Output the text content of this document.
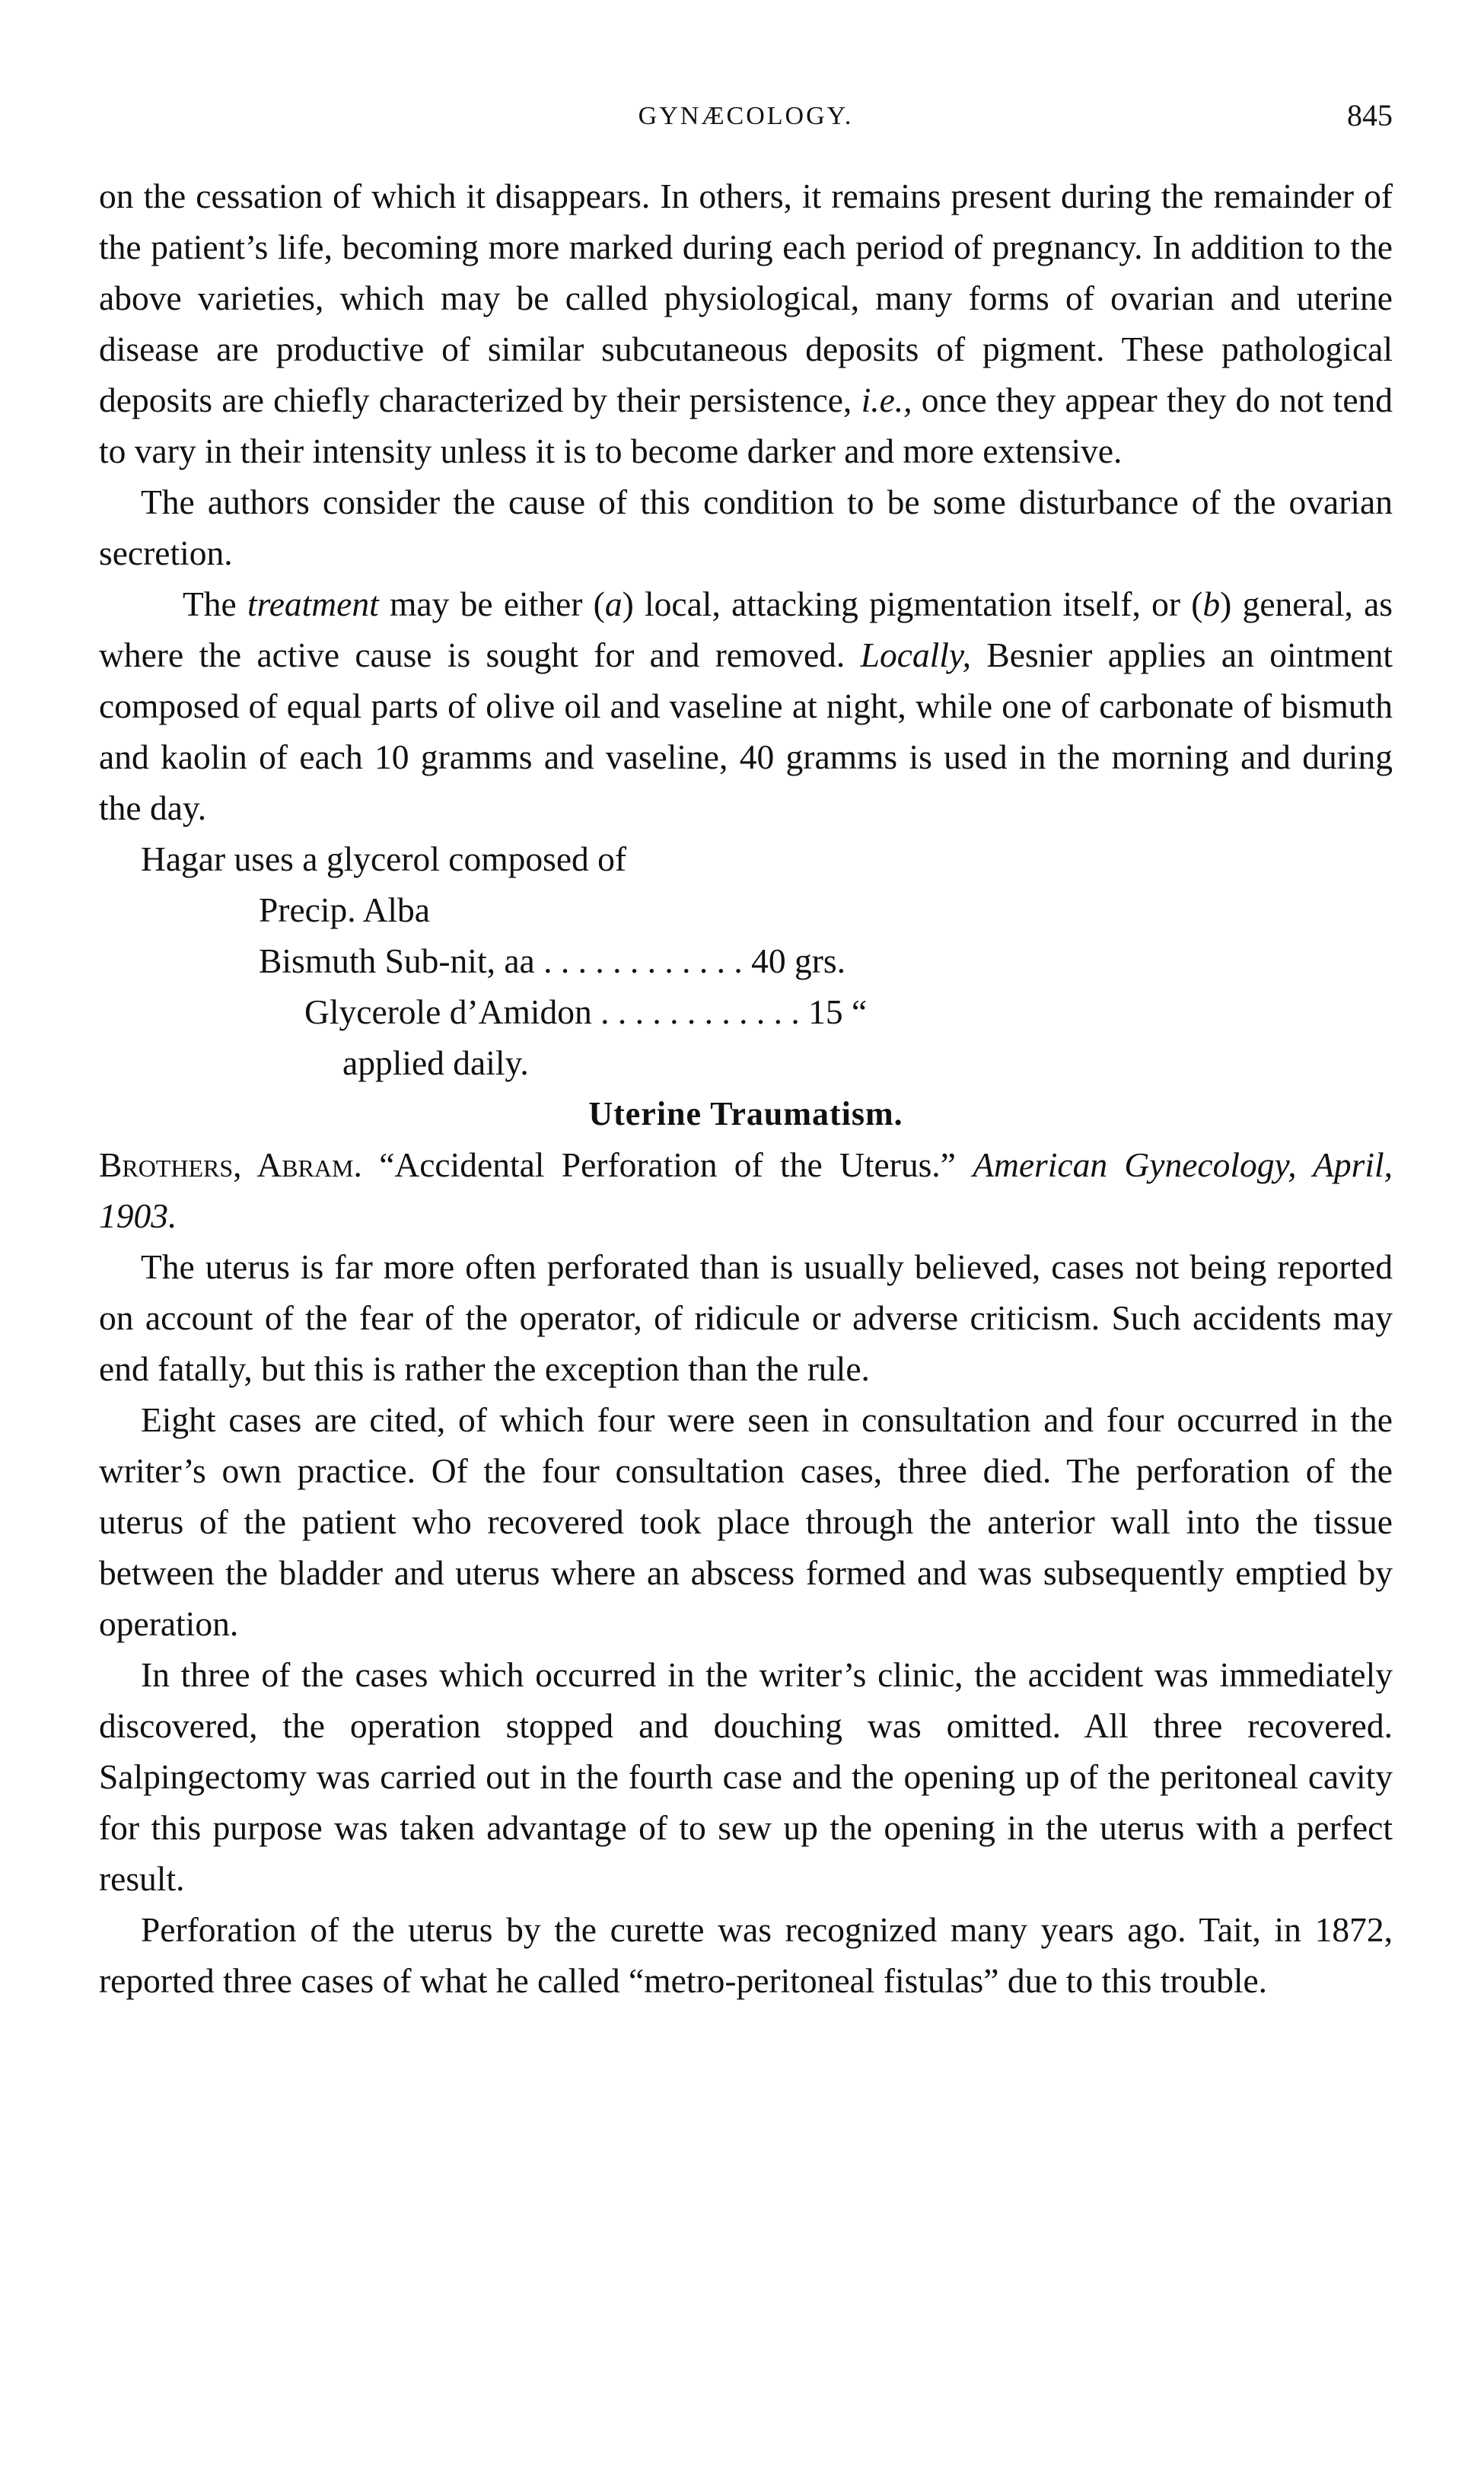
GYNÆCOLOGY.	845

on the cessation of which it disappears. In others, it remains present during the remainder of the patient’s life, becoming more marked during each period of pregnancy. In addition to the above varieties, which may be called physiological, many forms of ovarian and uterine disease are productive of similar subcutaneous deposits of pigment. These pathological deposits are chiefly characterized by their persistence, i.e., once they appear they do not tend to vary in their intensity unless it is to become darker and more extensive.

The authors consider the cause of this condition to be some disturbance of the ovarian secretion.

The treatment may be either (a) local, attacking pigmentation itself, or (b) general, as where the active cause is sought for and removed. Locally, Besnier applies an ointment composed of equal parts of olive oil and vaseline at night, while one of carbonate of bismuth and kaolin of each 10 gramms and vaseline, 40 gramms is used in the morning and during the day.

Hagar uses a glycerol composed of

Precip. Alba
Bismuth Sub-nit, aa . . . . . . . . . . . . 40 grs.
Glycerole d’Amidon . . . . . . . . . . . . 15 “
applied daily.
Uterine Traumatism.

Brothers, Abram. “Accidental Perforation of the Uterus.” American Gynecology, April, 1903.

The uterus is far more often perforated than is usually believed, cases not being reported on account of the fear of the operator, of ridicule or adverse criticism. Such accidents may end fatally, but this is rather the exception than the rule.

Eight cases are cited, of which four were seen in consultation and four occurred in the writer’s own practice. Of the four consultation cases, three died. The perforation of the uterus of the patient who recovered took place through the anterior wall into the tissue between the bladder and uterus where an abscess formed and was subsequently emptied by operation.

In three of the cases which occurred in the writer’s clinic, the accident was immediately discovered, the operation stopped and douching was omitted. All three recovered. Salpingectomy was carried out in the fourth case and the opening up of the peritoneal cavity for this purpose was taken advantage of to sew up the opening in the uterus with a perfect result.

Perforation of the uterus by the curette was recognized many years ago. Tait, in 1872, reported three cases of what he called “metro-peritoneal fistulas” due to this trouble.
